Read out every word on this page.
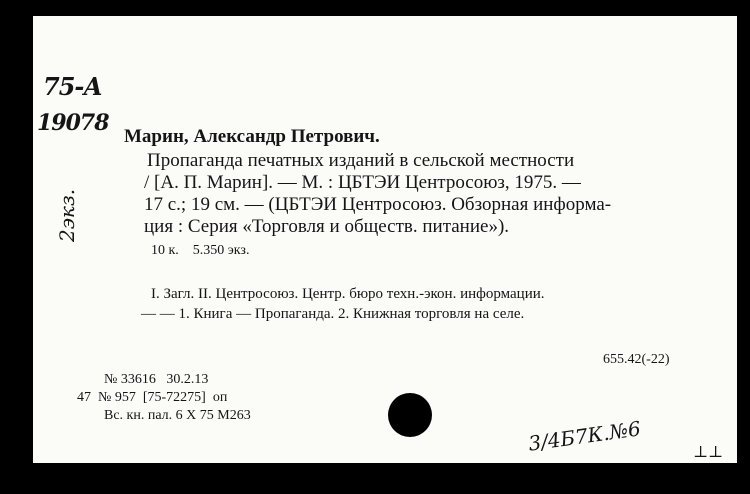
75-А
19078
2экз.
Марин, Александр Петрович.
Пропаганда печатных изданий в сельской местности
/ [А. П. Марин]. — М. : ЦБТЭИ Центросоюз, 1975. —
17 с.; 19 см. — (ЦБТЭИ Центросоюз. Обзорная информа-
ция : Серия «Торговля и обществ. питание»).
10 к.    5.350 экз.
I. Загл. II. Центросоюз. Центр. бюро техн.-экон. информации.
— — 1. Книга — Пропаганда. 2. Книжная торговля на селе.
655.42(-22)
№ 33616   30.2.13
47  № 957  [75-72275]  оп
Вс. кн. пал. 6 X 75 М263
3/4Б7К.№6	⊥⊥
